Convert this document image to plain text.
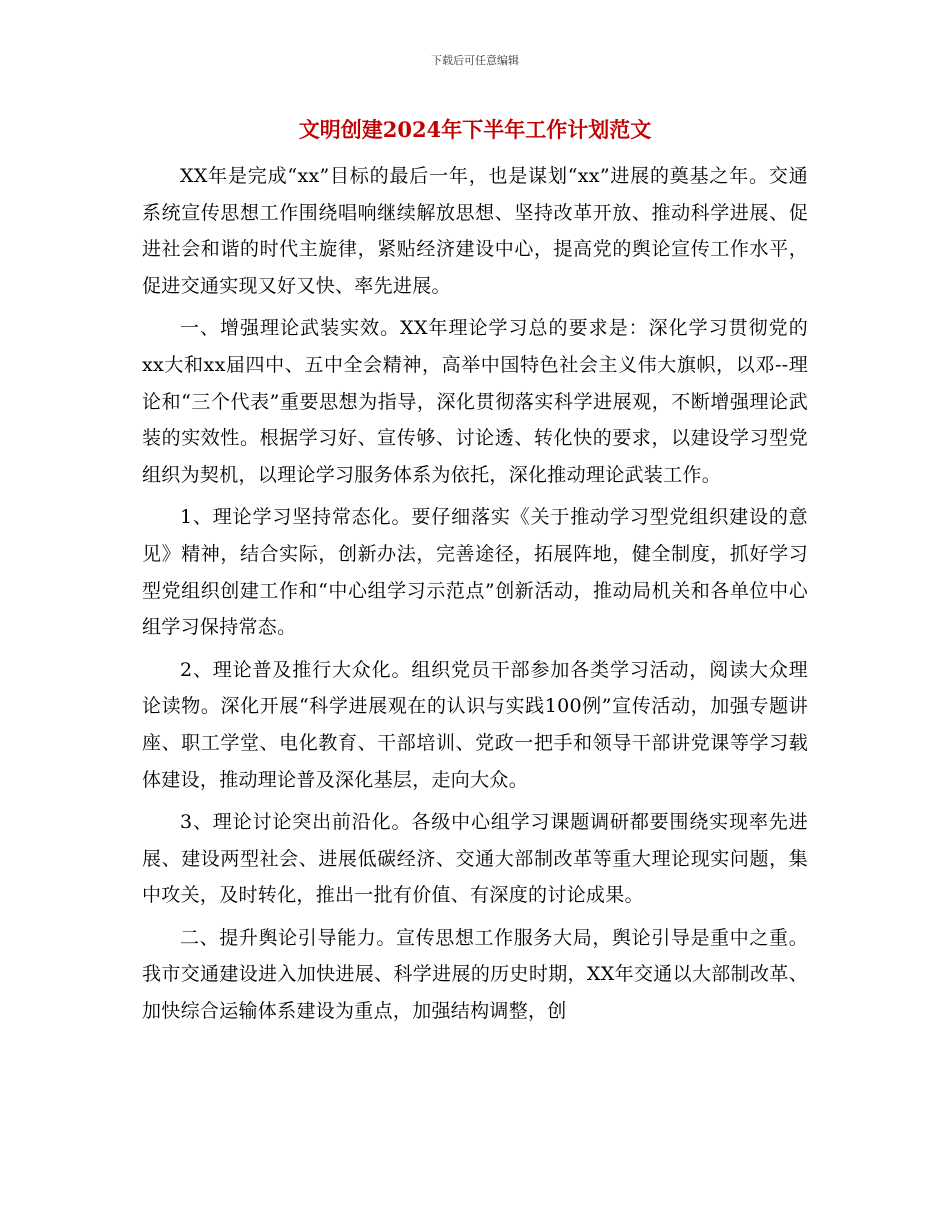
下载后可任意编辑
文明创建2024年下半年工作计划范文

XX年是完成“xx”目标的最后一年，也是谋划“xx”进展的奠基之年。交通系统宣传思想工作围绕唱响继续解放思想、坚持改革开放、推动科学进展、促进社会和谐的时代主旋律，紧贴经济建设中心，提高党的舆论宣传工作水平，促进交通实现又好又快、率先进展。

一、增强理论武装实效。XX年理论学习总的要求是：深化学习贯彻党的xx大和xx届四中、五中全会精神，高举中国特色社会主义伟大旗帜，以邓--理论和“三个代表”重要思想为指导，深化贯彻落实科学进展观，不断增强理论武装的实效性。根据学习好、宣传够、讨论透、转化快的要求，以建设学习型党组织为契机，以理论学习服务体系为依托，深化推动理论武装工作。

1、理论学习坚持常态化。要仔细落实《关于推动学习型党组织建设的意见》精神，结合实际，创新办法，完善途径，拓展阵地，健全制度，抓好学习型党组织创建工作和“中心组学习示范点”创新活动，推动局机关和各单位中心组学习保持常态。

2、理论普及推行大众化。组织党员干部参加各类学习活动，阅读大众理论读物。深化开展“科学进展观在的认识与实践100例”宣传活动，加强专题讲座、职工学堂、电化教育、干部培训、党政一把手和领导干部讲党课等学习载体建设，推动理论普及深化基层，走向大众。

3、理论讨论突出前沿化。各级中心组学习课题调研都要围绕实现率先进展、建设两型社会、进展低碳经济、交通大部制改革等重大理论现实问题，集中攻关，及时转化，推出一批有价值、有深度的讨论成果。

二、提升舆论引导能力。宣传思想工作服务大局，舆论引导是重中之重。我市交通建设进入加快进展、科学进展的历史时期，XX年交通以大部制改革、加快综合运输体系建设为重点，加强结构调整，创
